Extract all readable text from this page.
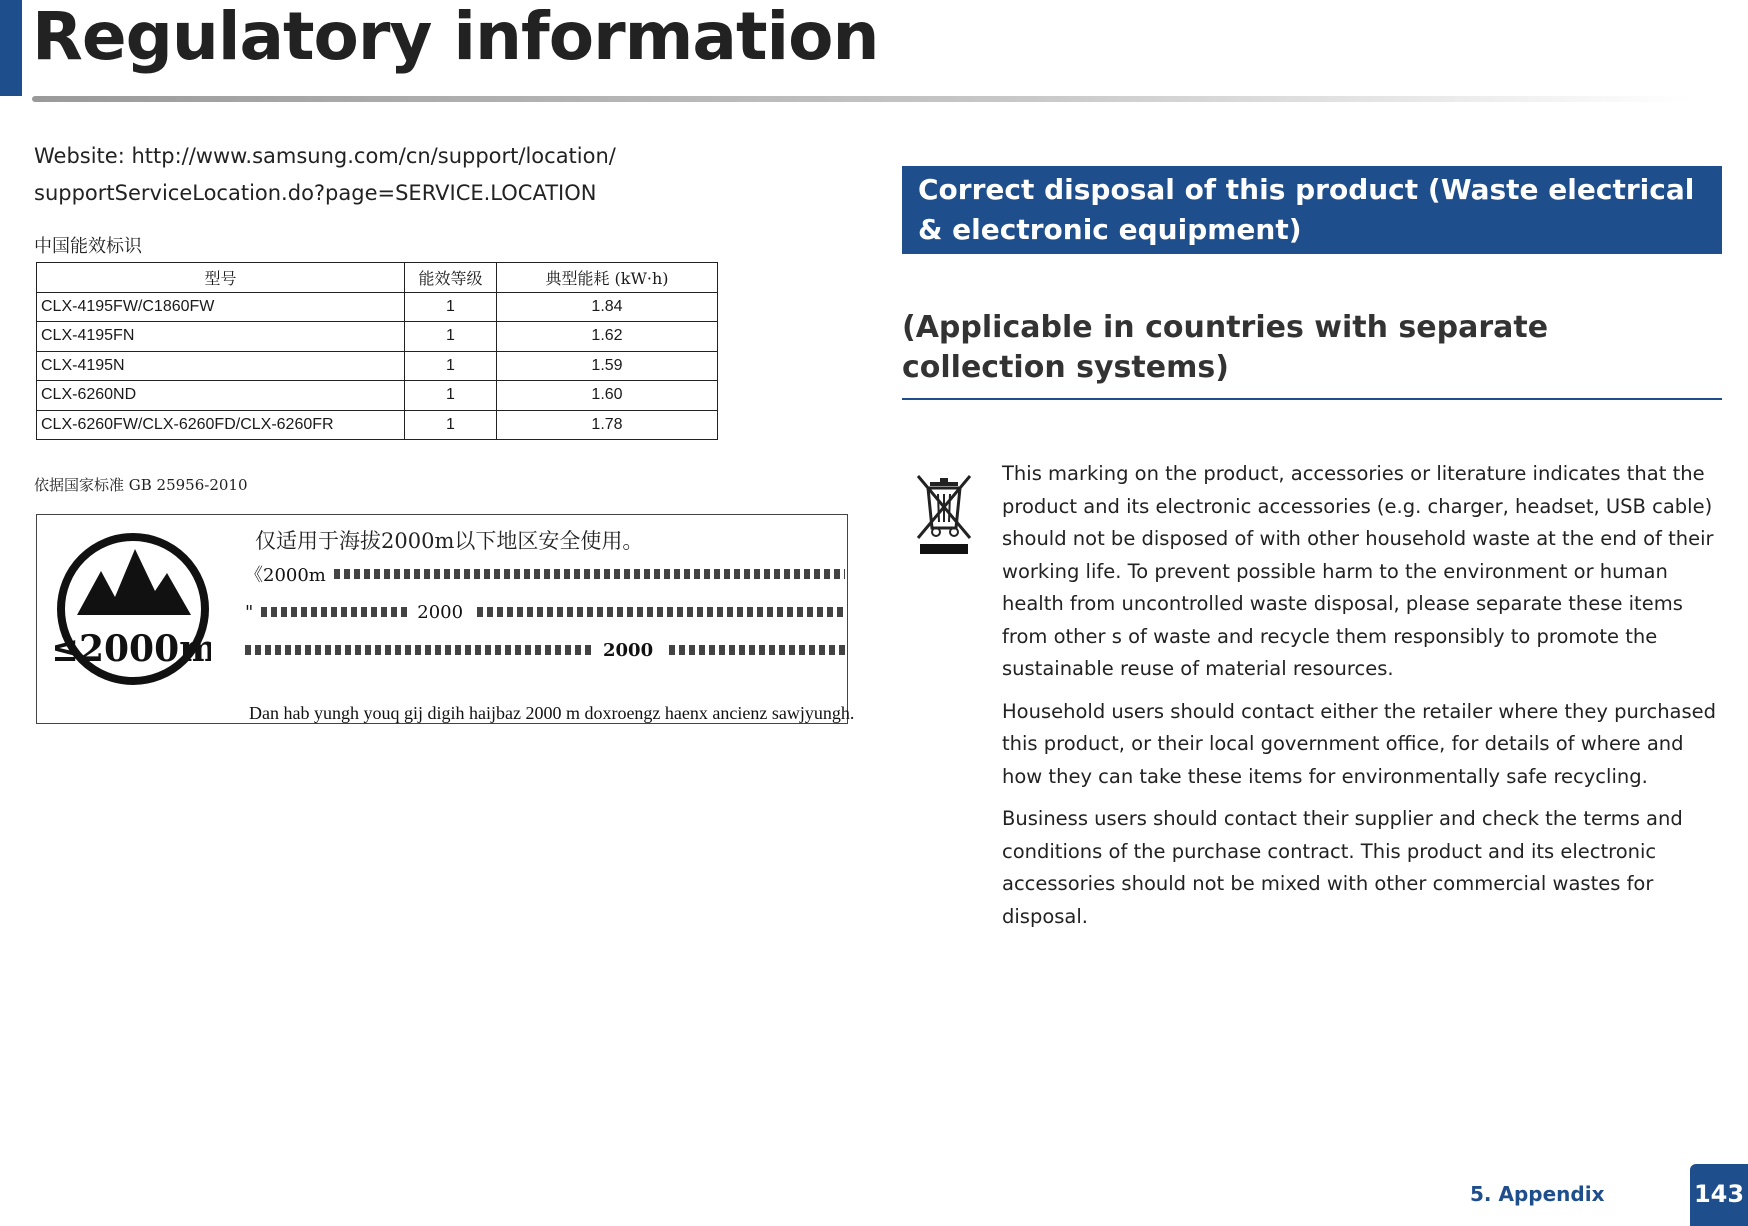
Regulatory information
Website: http://www.samsung.com/cn/support/location/
supportServiceLocation.do?page=SERVICE.LOCATION
中国能效标识
型号	能效等级	典型能耗 (kW·h)
CLX-4195FW/C1860FW	1	1.84
CLX-4195FN	1	1.62
CLX-4195N	1	1.59
CLX-6260ND	1	1.60
CLX-6260FW/CLX-6260FD/CLX-6260FR	1	1.78
依据国家标准 GB 25956-2010
≤2000m
仅适用于海拔2000m以下地区安全使用。
《2000m
"	2000
2000
Dan hab yungh youq gij digih haijbaz 2000 m doxroengz haenx ancienz sawjyungh.
Correct disposal of this product (Waste electrical & electronic equipment)
(Applicable in countries with separate collection systems)

This marking on the product, accessories or literature indicates that the product and its electronic accessories (e.g. charger, headset, USB cable) should not be disposed of with other household waste at the end of their working life. To prevent possible harm to the environment or human health from uncontrolled waste disposal, please separate these items from other s of waste and recycle them responsibly to promote the sustainable reuse of material resources.

Household users should contact either the retailer where they purchased this product, or their local government office, for details of where and how they can take these items for environmentally safe recycling.

Business users should contact their supplier and check the terms and conditions of the purchase contract. This product and its electronic accessories should not be mixed with other commercial wastes for disposal.

5. Appendix	143
